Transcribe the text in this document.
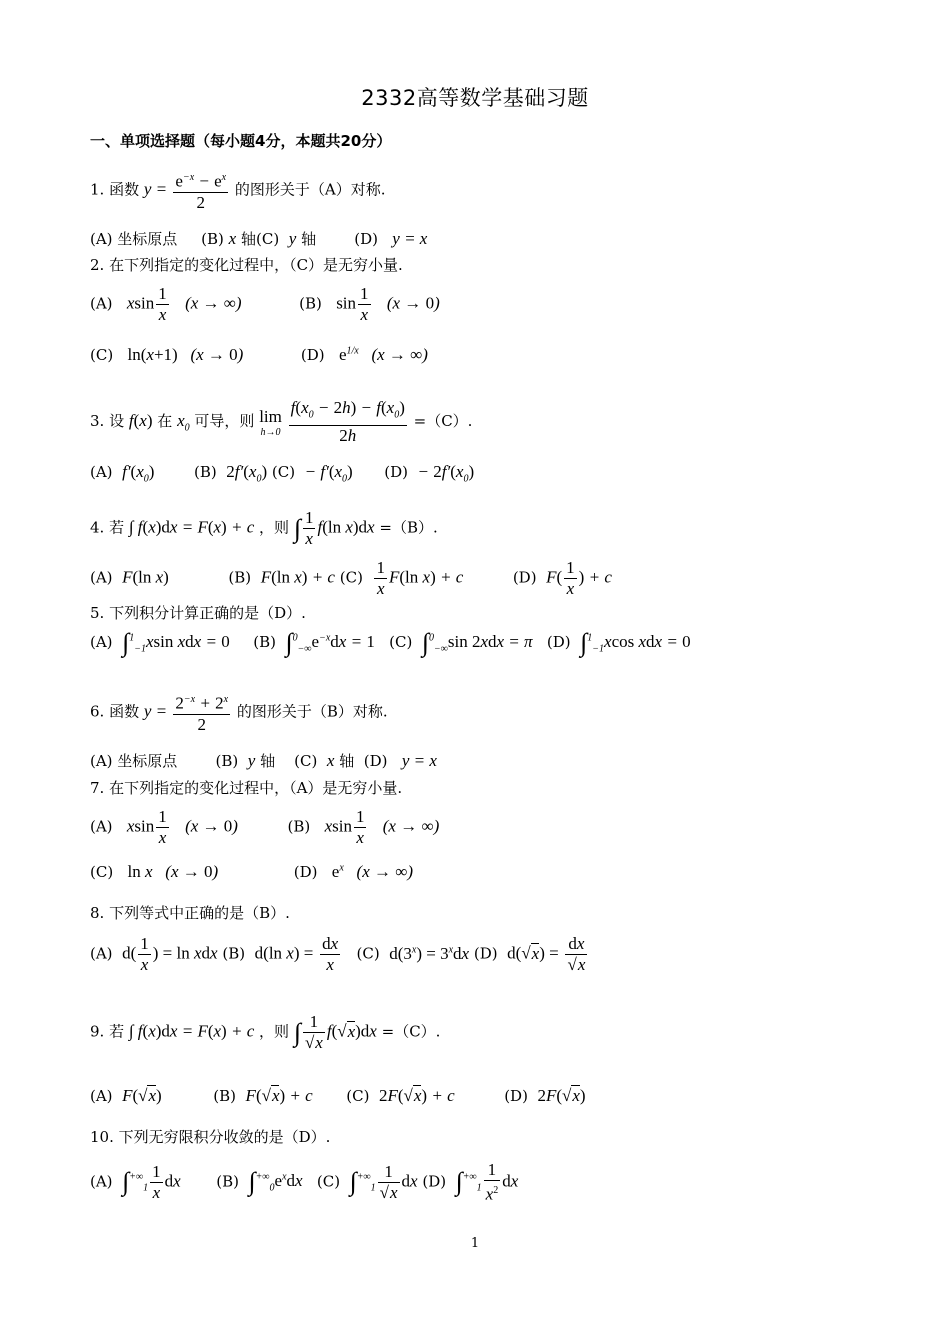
2332高等数学基础习题
一、单项选择题（每小题4分，本题共20分）
1. 函数 $y = \frac{e^{-x} - e^x}{2}$ 的图形关于（A）对称.
(A) 坐标原点 (B) x 轴(C) y 轴	(D) y = x
2. 在下列指定的变化过程中，（C）是无穷小量.
(A) xsin $\frac{1}{x} (x$ → ∞)	(B) $\sin \frac{1}{x} (x \to 0)$
(C) ln(x+1)   (x → 0)	(D) $e^{1/x}$   (x → ∞)
3. 设 f(x) 在 $x_0$ 可导，则 lim
h→0
$\frac{f(x_0 - 2h) - f(x_0)}{2h} =(C)$.
(A) $f'(x_0)$	(B) $2f'(x_0) (C) - f'(x_0) (D) - 2f'(x_0)$
4. 若 ∫ f(x)dx = F(x) + c ，则 ∫ $\frac{1}{x} f(\ln$ x)dx =（B）.
(A) F(ln x)	(B) F(ln x) + c $(C) \frac{1}{x} F(\ln$ x) + c	(D) $F( \frac{1}{x}$ ) + c
5. 下列积分计算正确的是（D）.
(A) ∫$^1_{-1}$xsin xdx = 0 (B) $\int^0_{-\infty}e^{-x}dx = 1$ (C) ∫$^0_{-\infty}$sin 2xdx = π (D) ∫$^1_{-1}$xcos xdx = 0
6. 函数 $y = \frac{2^{-x} + 2^x}{2}$ 的图形关于（B）对称.
(A) 坐标原点	(B) y 轴 (C) x 轴 (D) y = x
7. 在下列指定的变化过程中，（A）是无穷小量.
(A) xsin $\frac{1}{x} (x \to 0)$	(B) xsin $\frac{1}{x} (x$ → ∞)
(C) ln x   (x → 0)	(D) $e^x$   (x → ∞)
8. 下列等式中正确的是（B）.
(A) $d( \frac{1}{x}$ ) = ln xdx (B) d(ln $x) = \frac{dx}{x} (C) d(3^x) = 3^xdx$ (D) $d(√x) = \frac{dx}{√x}$
9. 若 ∫ f(x)dx = F(x) + c ，则 ∫ $\frac{1}{√x} f(√x)dx =(C)$.
(A) F(√x)	(B) F(√x) + c (C) 2F(√x) + c	(D) 2F(√x)
10. 下列无穷限积分收敛的是（D）.
(A) $\int^{+\infty}_1 \frac{1}{x}$ dx (B) $\int^{+\infty}_0e^xdx$ (C) $\int^{+\infty}_1 \frac{1}{√x}$ dx (D) $\int^{+\infty}_1 \frac{1}{x^2}$ dx
1
